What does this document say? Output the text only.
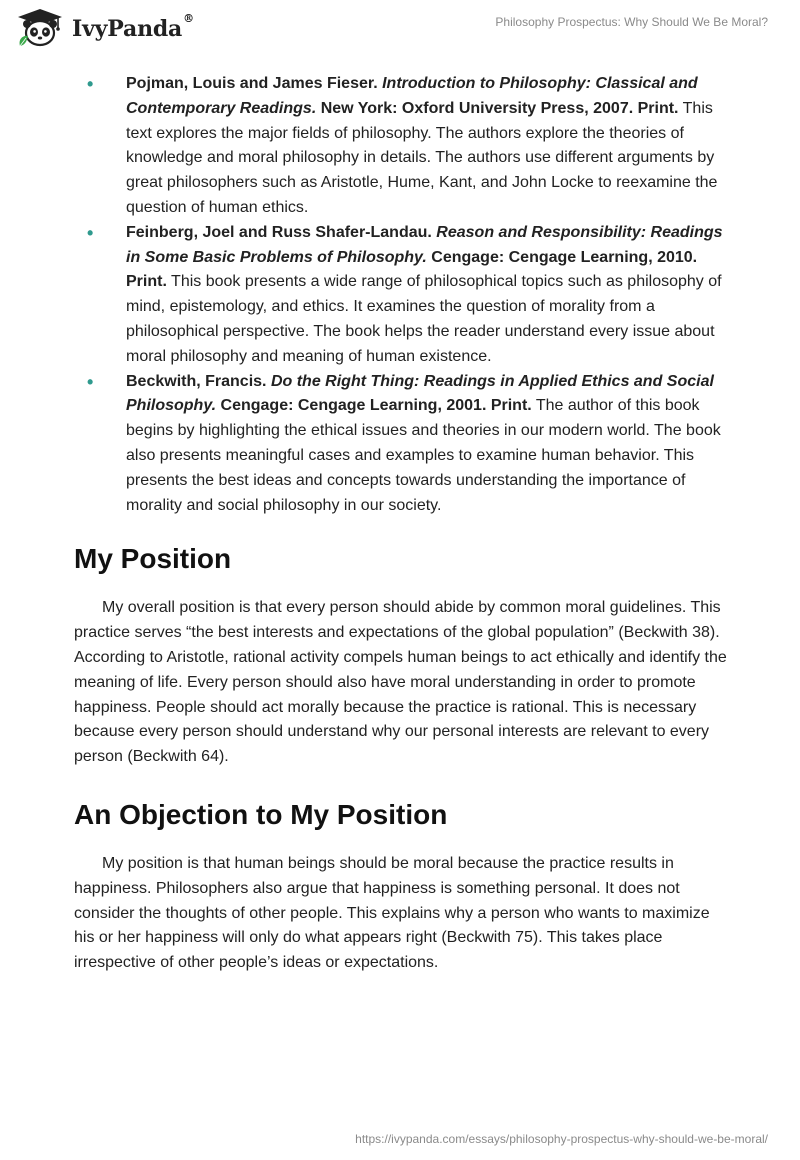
IvyPanda®	Philosophy Prospectus: Why Should We Be Moral?
• Pojman, Louis and James Fieser. Introduction to Philosophy: Classical and Contemporary Readings. New York: Oxford University Press, 2007. Print. This text explores the major fields of philosophy. The authors explore the theories of knowledge and moral philosophy in details. The authors use different arguments by great philosophers such as Aristotle, Hume, Kant, and John Locke to reexamine the question of human ethics.
• Feinberg, Joel and Russ Shafer-Landau. Reason and Responsibility: Readings in Some Basic Problems of Philosophy. Cengage: Cengage Learning, 2010. Print. This book presents a wide range of philosophical topics such as philosophy of mind, epistemology, and ethics. It examines the question of morality from a philosophical perspective. The book helps the reader understand every issue about moral philosophy and meaning of human existence.
• Beckwith, Francis. Do the Right Thing: Readings in Applied Ethics and Social Philosophy. Cengage: Cengage Learning, 2001. Print. The author of this book begins by highlighting the ethical issues and theories in our modern world. The book also presents meaningful cases and examples to examine human behavior. This presents the best ideas and concepts towards understanding the importance of morality and social philosophy in our society.
My Position

My overall position is that every person should abide by common moral guidelines. This practice serves “the best interests and expectations of the global population” (Beckwith 38). According to Aristotle, rational activity compels human beings to act ethically and identify the meaning of life. Every person should also have moral understanding in order to promote happiness. People should act morally because the practice is rational. This is necessary because every person should understand why our personal interests are relevant to every person (Beckwith 64).

An Objection to My Position

My position is that human beings should be moral because the practice results in happiness. Philosophers also argue that happiness is something personal. It does not consider the thoughts of other people. This explains why a person who wants to maximize his or her happiness will only do what appears right (Beckwith 75). This takes place irrespective of other people’s ideas or expectations.

https://ivypanda.com/essays/philosophy-prospectus-why-should-we-be-moral/
